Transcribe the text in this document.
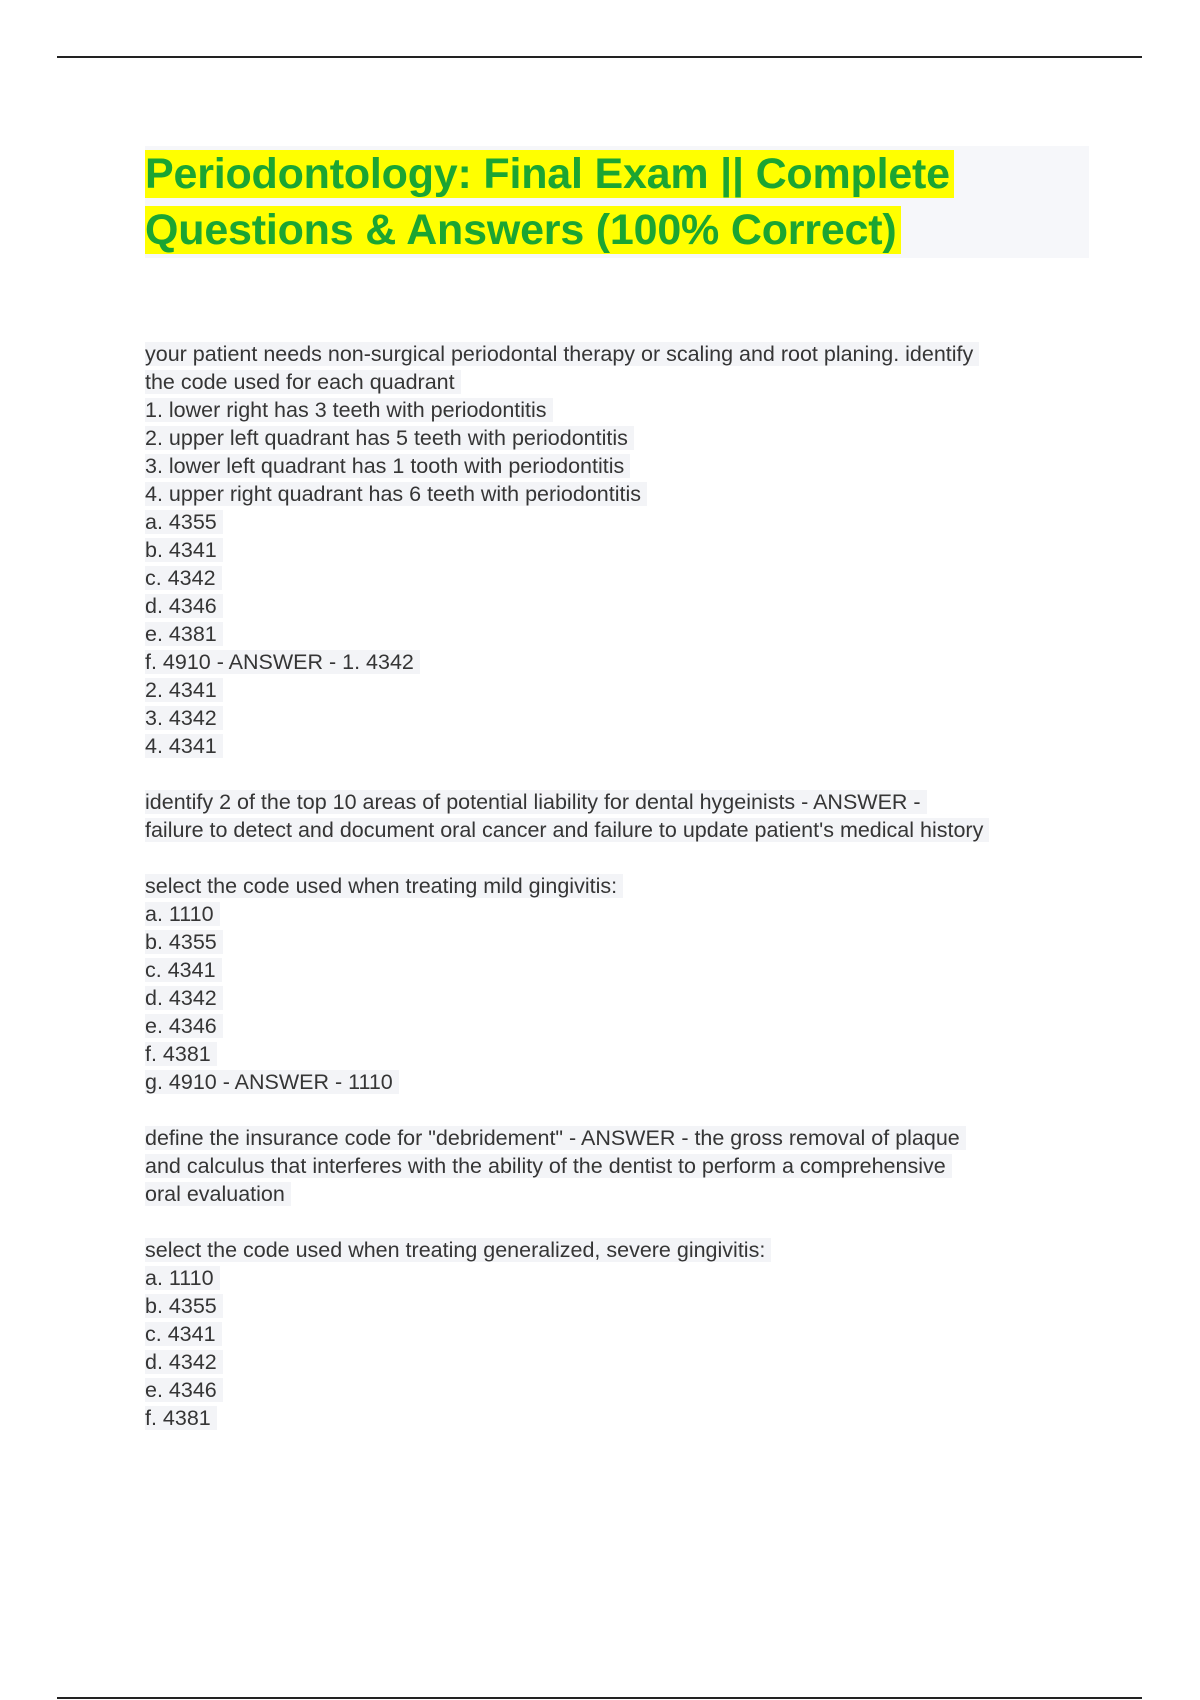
Periodontology: Final Exam || Complete
Questions & Answers (100% Correct)
your patient needs non-surgical periodontal therapy or scaling and root planing. identify
the code used for each quadrant
1. lower right has 3 teeth with periodontitis
2. upper left quadrant has 5 teeth with periodontitis
3. lower left quadrant has 1 tooth with periodontitis
4. upper right quadrant has 6 teeth with periodontitis
a. 4355
b. 4341
c. 4342
d. 4346
e. 4381
f. 4910 - ANSWER - 1. 4342
2. 4341
3. 4342
4. 4341
identify 2 of the top 10 areas of potential liability for dental hygeinists - ANSWER -
failure to detect and document oral cancer and failure to update patient's medical history
select the code used when treating mild gingivitis:
a. 1110
b. 4355
c. 4341
d. 4342
e. 4346
f. 4381
g. 4910 - ANSWER - 1110
define the insurance code for "debridement" - ANSWER - the gross removal of plaque
and calculus that interferes with the ability of the dentist to perform a comprehensive
oral evaluation
select the code used when treating generalized, severe gingivitis:
a. 1110
b. 4355
c. 4341
d. 4342
e. 4346
f. 4381
